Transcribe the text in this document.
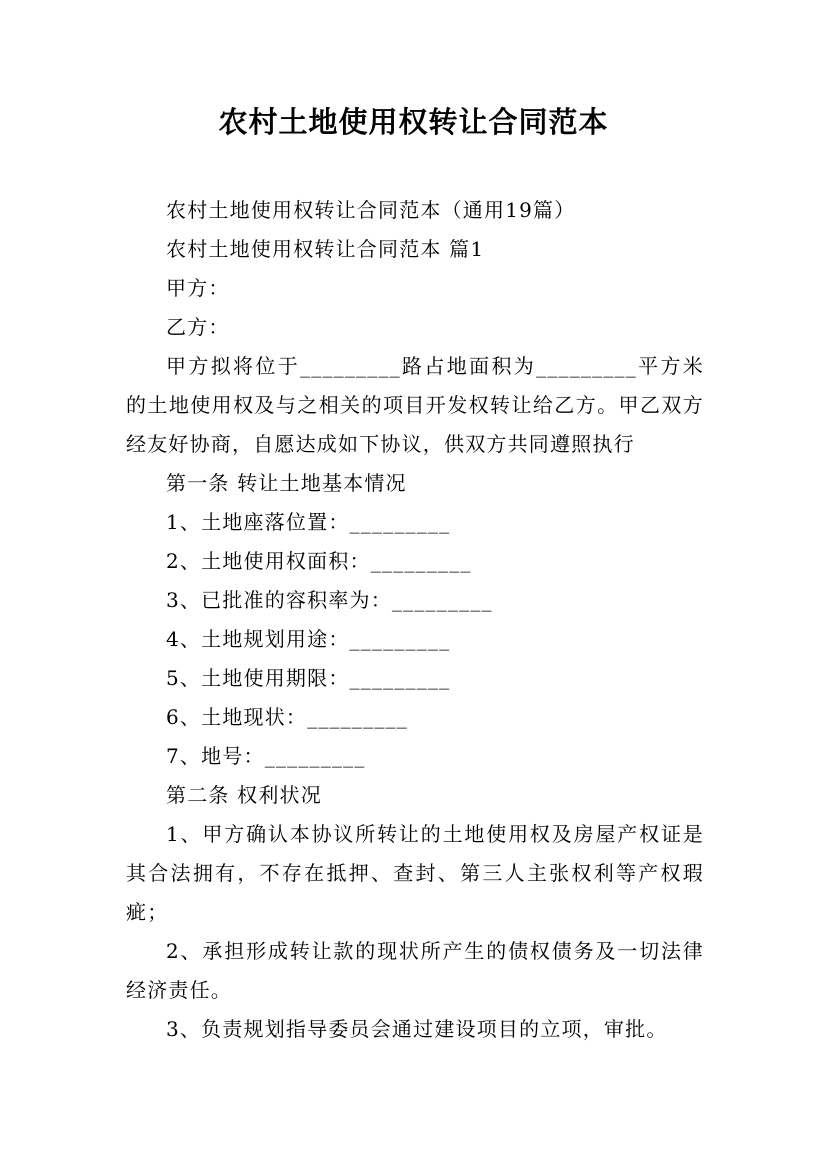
农村土地使用权转让合同范本

农村土地使用权转让合同范本（通用19篇）

农村土地使用权转让合同范本 篇1

甲方：

乙方：

甲方拟将位于_________路占地面积为_________平方米的土地使用权及与之相关的项目开发权转让给乙方。甲乙双方经友好协商，自愿达成如下协议，供双方共同遵照执行

第一条 转让土地基本情况

1、土地座落位置：_________

2、土地使用权面积：_________

3、已批准的容积率为：_________

4、土地规划用途：_________

5、土地使用期限：_________

6、土地现状：_________

7、地号：_________

第二条 权利状况

1、甲方确认本协议所转让的土地使用权及房屋产权证是其合法拥有，不存在抵押、查封、第三人主张权利等产权瑕疵；

2、承担形成转让款的现状所产生的债权债务及一切法律经济责任。

3、负责规划指导委员会通过建设项目的立项，审批。
